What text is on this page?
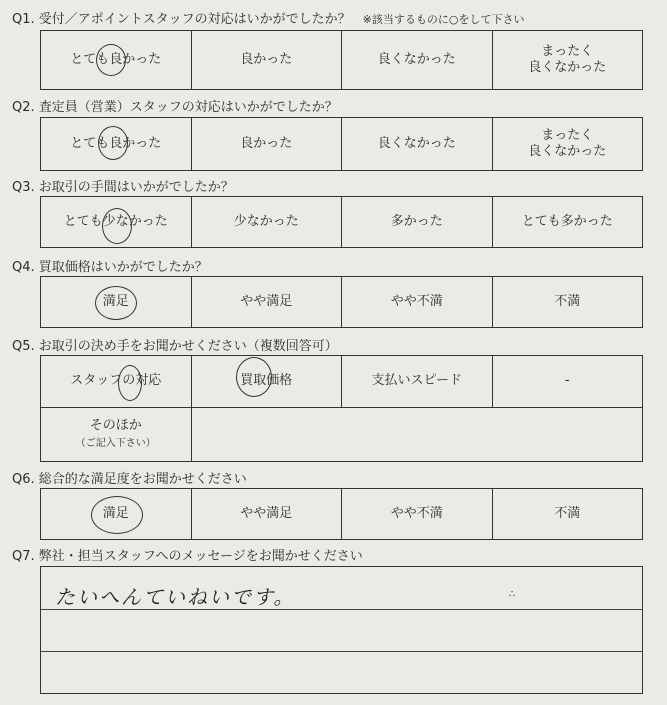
Q1. 受付／アポイントスタッフの対応はいかがでしたか？ ※該当するものに○をして下さい
とても良かった	良かった	良くなかった	まったく
良くなかった
Q2. 査定員（営業）スタッフの対応はいかがでしたか？
とても良かった	良かった	良くなかった	まったく
良くなかった
Q3. お取引の手間はいかがでしたか？
とても少なかった	少なかった	多かった	とても多かった
Q4. 買取価格はいかがでしたか？
満足	やや満足	やや不満	不満
Q5. お取引の決め手をお聞かせください（複数回答可）
スタッフの対応	買取価格	支払いスピード	-
そのほか
（ご記入下さい）			
Q6. 総合的な満足度をお聞かせください
満足	やや満足	やや不満	不満
Q7. 弊社・担当スタッフへのメッセージをお聞かせください
たいへんていねいです。	∴
